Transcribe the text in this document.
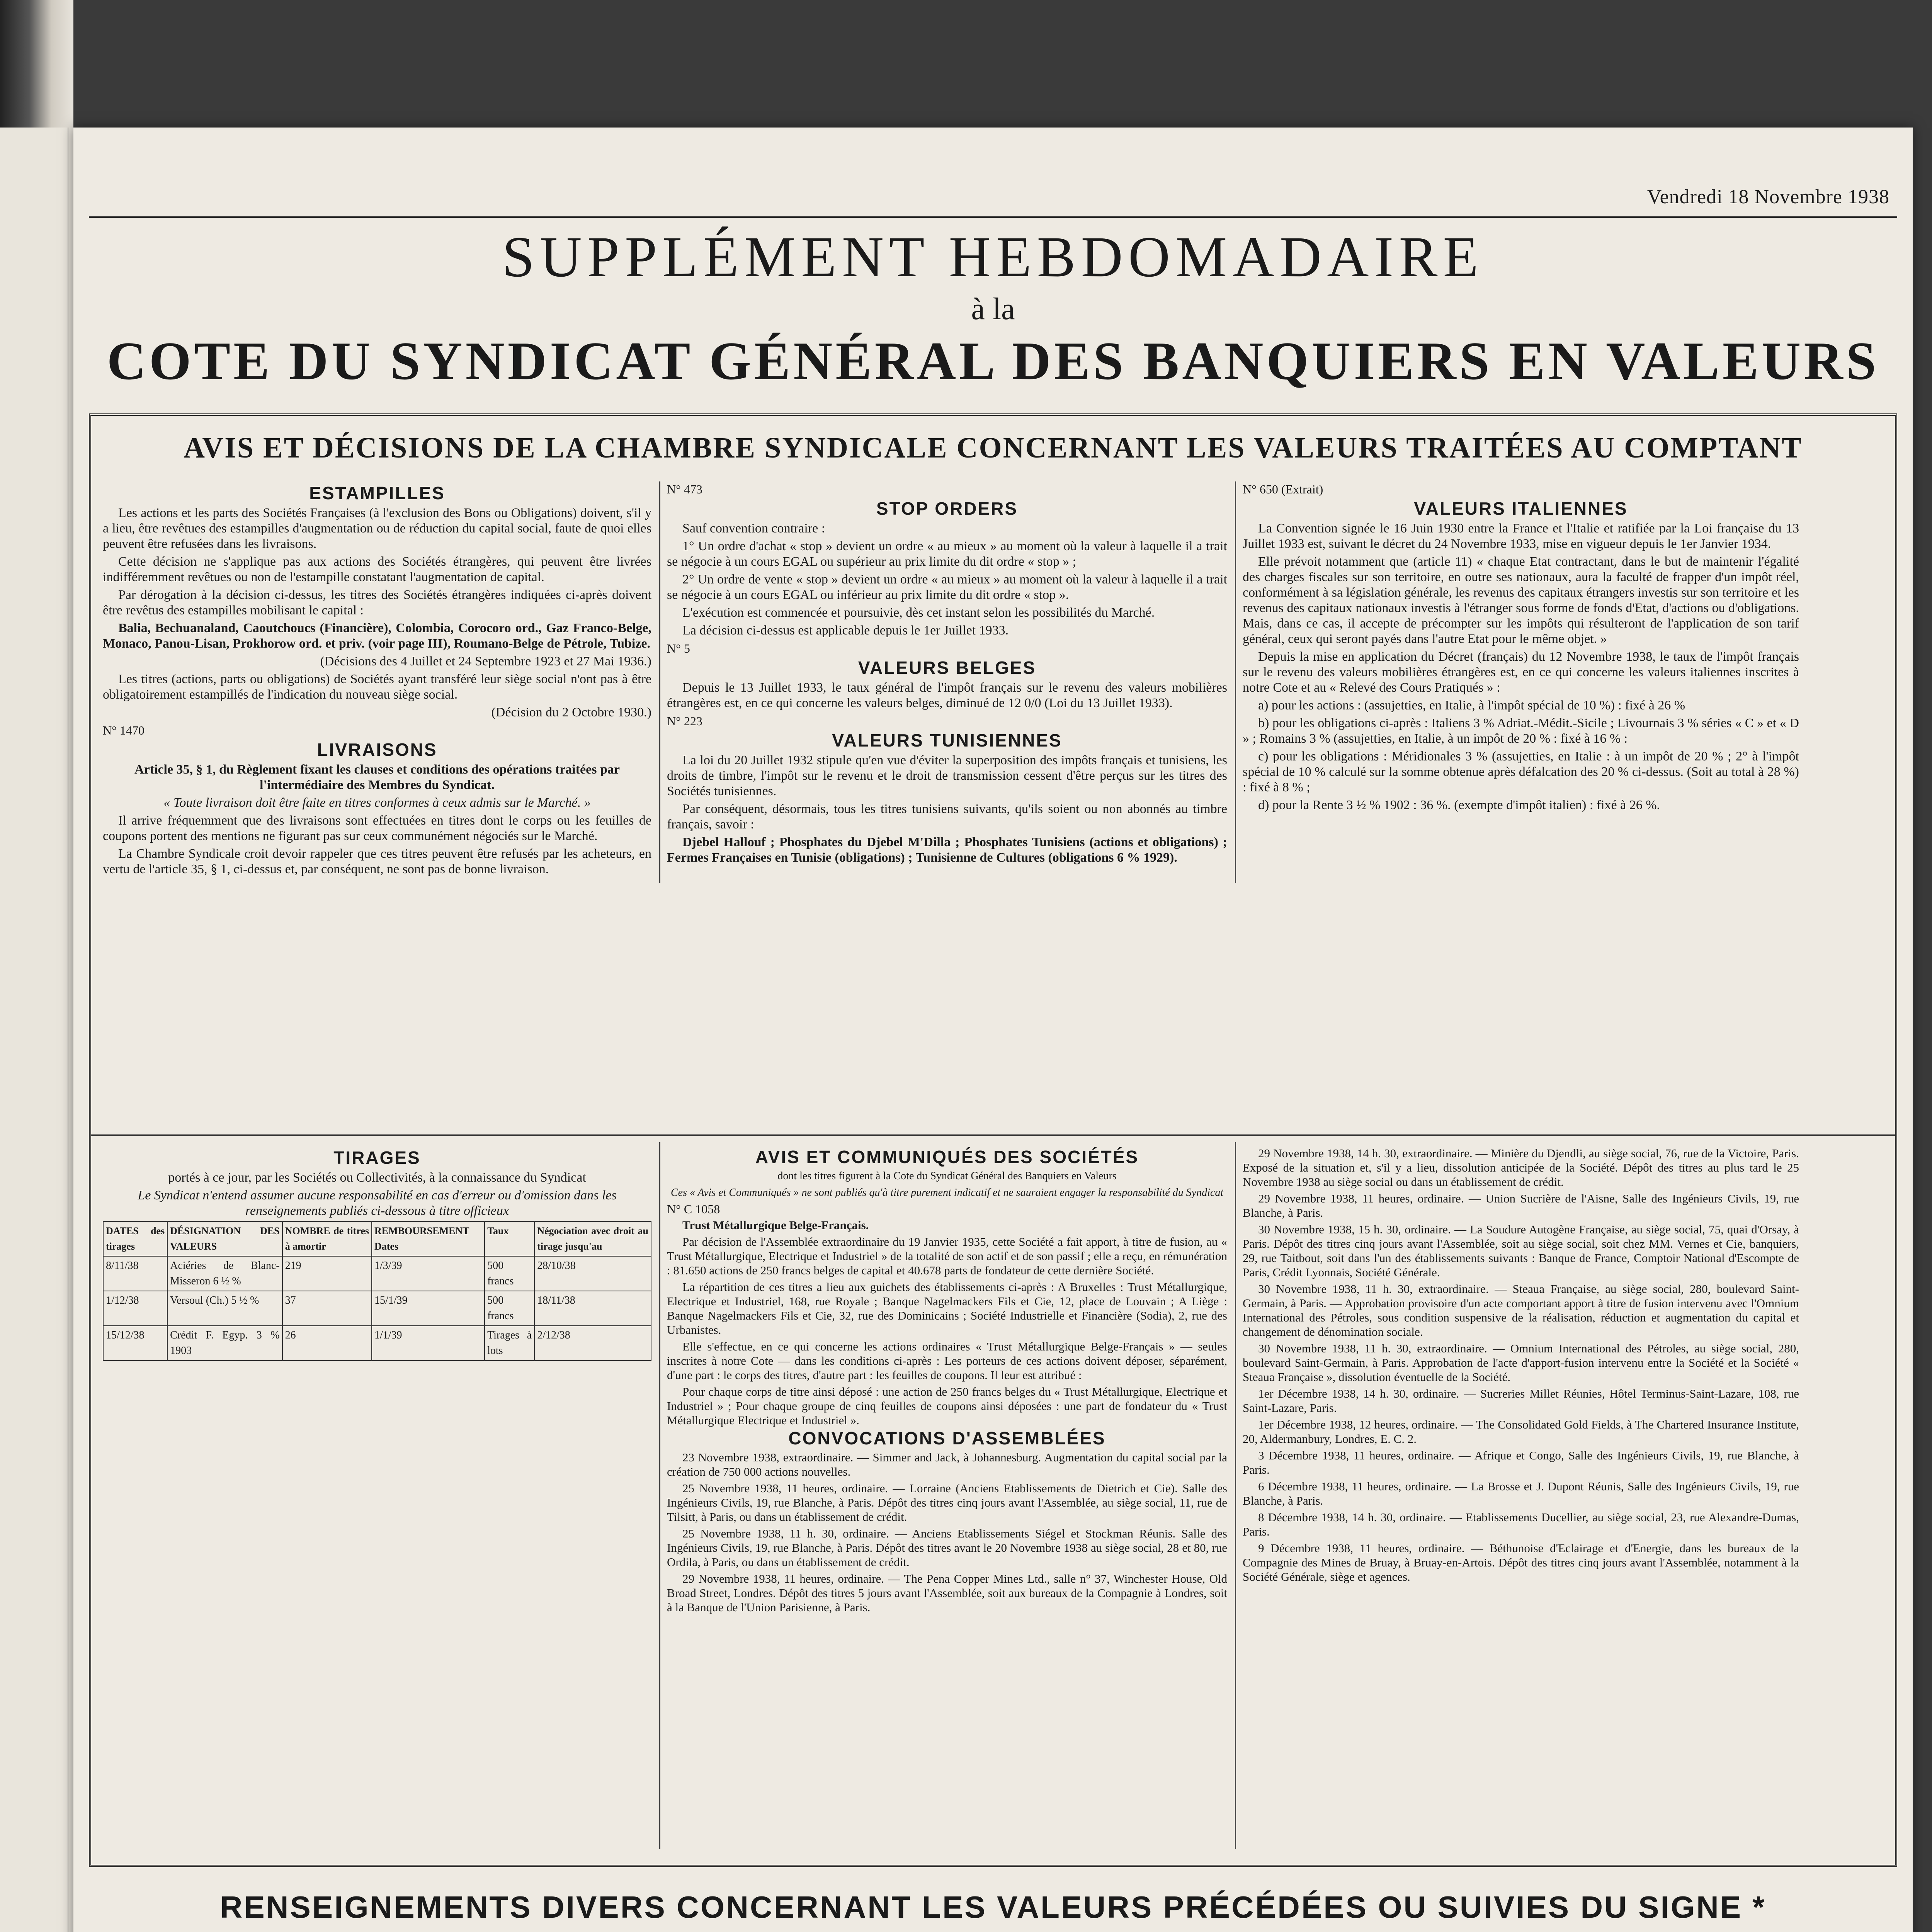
Vendredi 18 Novembre 1938
SUPPLÉMENT HEBDOMADAIRE
à la
COTE DU SYNDICAT GÉNÉRAL DES BANQUIERS EN VALEURS
AVIS ET DÉCISIONS DE LA CHAMBRE SYNDICALE CONCERNANT LES VALEURS TRAITÉES AU COMPTANT
ESTAMPILLES

Les actions et les parts des Sociétés Françaises (à l'exclusion des Bons ou Obligations) doivent, s'il y a lieu, être revêtues des estampilles d'augmentation ou de réduction du capital social, faute de quoi elles peuvent être refusées dans les livraisons.

Cette décision ne s'applique pas aux actions des Sociétés étrangères, qui peuvent être livrées indifféremment revêtues ou non de l'estampille constatant l'augmentation de capital.

Par dérogation à la décision ci-dessus, les titres des Sociétés étrangères indiquées ci-après doivent être revêtus des estampilles mobilisant le capital :

Balia, Bechuanaland, Caoutchoucs (Financière), Colombia, Corocoro ord., Gaz Franco-Belge, Monaco, Panou-Lisan, Prokhorow ord. et priv. (voir page III), Roumano-Belge de Pétrole, Tubize.

(Décisions des 4 Juillet et 24 Septembre 1923 et 27 Mai 1936.)

Les titres (actions, parts ou obligations) de Sociétés ayant transféré leur siège social n'ont pas à être obligatoirement estampillés de l'indication du nouveau siège social.

(Décision du 2 Octobre 1930.)

N° 1470
LIVRAISONS

Article 35, § 1, du Règlement fixant les clauses et conditions des opérations traitées par l'intermédiaire des Membres du Syndicat.

« Toute livraison doit être faite en titres conformes à ceux admis sur le Marché. »

Il arrive fréquemment que des livraisons sont effectuées en titres dont le corps ou les feuilles de coupons portent des mentions ne figurant pas sur ceux communément négociés sur le Marché.

La Chambre Syndicale croit devoir rappeler que ces titres peuvent être refusés par les acheteurs, en vertu de l'article 35, § 1, ci-dessus et, par conséquent, ne sont pas de bonne livraison.

N° 473
STOP ORDERS

Sauf convention contraire :

1° Un ordre d'achat « stop » devient un ordre « au mieux » au moment où la valeur à laquelle il a trait se négocie à un cours EGAL ou supérieur au prix limite du dit ordre « stop » ;

2° Un ordre de vente « stop » devient un ordre « au mieux » au moment où la valeur à laquelle il a trait se négocie à un cours EGAL ou inférieur au prix limite du dit ordre « stop ».

L'exécution est commencée et poursuivie, dès cet instant selon les possibilités du Marché.

La décision ci-dessus est applicable depuis le 1er Juillet 1933.

N° 5
VALEURS BELGES

Depuis le 13 Juillet 1933, le taux général de l'impôt français sur le revenu des valeurs mobilières étrangères est, en ce qui concerne les valeurs belges, diminué de 12 0/0 (Loi du 13 Juillet 1933).

N° 223
VALEURS TUNISIENNES

La loi du 20 Juillet 1932 stipule qu'en vue d'éviter la superposition des impôts français et tunisiens, les droits de timbre, l'impôt sur le revenu et le droit de transmission cessent d'être perçus sur les titres des Sociétés tunisiennes.

Par conséquent, désormais, tous les titres tunisiens suivants, qu'ils soient ou non abonnés au timbre français, savoir :

Djebel Hallouf ; Phosphates du Djebel M'Dilla ; Phosphates Tunisiens (actions et obligations) ; Fermes Françaises en Tunisie (obligations) ; Tunisienne de Cultures (obligations 6 % 1929).

N° 650 (Extrait)
VALEURS ITALIENNES

La Convention signée le 16 Juin 1930 entre la France et l'Italie et ratifiée par la Loi française du 13 Juillet 1933 est, suivant le décret du 24 Novembre 1933, mise en vigueur depuis le 1er Janvier 1934.

Elle prévoit notamment que (article 11) « chaque Etat contractant, dans le but de maintenir l'égalité des charges fiscales sur son territoire, en outre ses nationaux, aura la faculté de frapper d'un impôt réel, conformément à sa législation générale, les revenus des capitaux étrangers investis sur son territoire et les revenus des capitaux nationaux investis à l'étranger sous forme de fonds d'Etat, d'actions ou d'obligations. Mais, dans ce cas, il accepte de précompter sur les impôts qui résulteront de l'application de son tarif général, ceux qui seront payés dans l'autre Etat pour le même objet. »

Depuis la mise en application du Décret (français) du 12 Novembre 1938, le taux de l'impôt français sur le revenu des valeurs mobilières étrangères est, en ce qui concerne les valeurs italiennes inscrites à notre Cote et au « Relevé des Cours Pratiqués » :

a) pour les actions : (assujetties, en Italie, à l'impôt spécial de 10 %) : fixé à 26 %

b) pour les obligations ci-après : Italiens 3 % Adriat.-Médit.-Sicile ; Livournais 3 % séries « C » et « D » ; Romains 3 % (assujetties, en Italie, à un impôt de 20 % : fixé à 16 % :

c) pour les obligations : Méridionales 3 % (assujetties, en Italie : à un impôt de 20 % ; 2° à l'impôt spécial de 10 % calculé sur la somme obtenue après défalcation des 20 % ci-dessus. (Soit au total à 28 %) : fixé à 8 % ;

d) pour la Rente 3 ½ % 1902 : 36 %. (exempte d'impôt italien) : fixé à 26 %.

TIRAGES

portés à ce jour, par les Sociétés ou Collectivités, à la connaissance du Syndicat

Le Syndicat n'entend assumer aucune responsabilité en cas d'erreur ou d'omission dans les renseignements publiés ci-dessous à titre officieux

DATES des tirages	DÉSIGNATION DES VALEURS	NOMBRE de titres à amortir	REMBOURSEMENT Dates	Taux	Négociation avec droit au tirage jusqu'au
8/11/38	Aciéries de Blanc-Misseron 6 ½ %	219	1/3/39	500 francs	28/10/38
1/12/38	Versoul (Ch.) 5 ½ %	37	15/1/39	500 francs	18/11/38
15/12/38	Crédit F. Egyp. 3 % 1903	26	1/1/39	Tirages à lots	2/12/38
AVIS ET COMMUNIQUÉS DES SOCIÉTÉS

dont les titres figurent à la Cote du Syndicat Général des Banquiers en Valeurs

Ces « Avis et Communiqués » ne sont publiés qu'à titre purement indicatif et ne sauraient engager la responsabilité du Syndicat

N° C 1058

Trust Métallurgique Belge-Français.

Par décision de l'Assemblée extraordinaire du 19 Janvier 1935, cette Société a fait apport, à titre de fusion, au « Trust Métallurgique, Electrique et Industriel » de la totalité de son actif et de son passif ; elle a reçu, en rémunération : 81.650 actions de 250 francs belges de capital et 40.678 parts de fondateur de cette dernière Société.

La répartition de ces titres a lieu aux guichets des établissements ci-après : A Bruxelles : Trust Métallurgique, Electrique et Industriel, 168, rue Royale ; Banque Nagelmackers Fils et Cie, 12, place de Louvain ; A Liège : Banque Nagelmackers Fils et Cie, 32, rue des Dominicains ; Société Industrielle et Financière (Sodia), 2, rue des Urbanistes.

Elle s'effectue, en ce qui concerne les actions ordinaires « Trust Métallurgique Belge-Français » — seules inscrites à notre Cote — dans les conditions ci-après : Les porteurs de ces actions doivent déposer, séparément, d'une part : le corps des titres, d'autre part : les feuilles de coupons. Il leur est attribué :

Pour chaque corps de titre ainsi déposé : une action de 250 francs belges du « Trust Métallurgique, Electrique et Industriel » ; Pour chaque groupe de cinq feuilles de coupons ainsi déposées : une part de fondateur du « Trust Métallurgique Electrique et Industriel ».

CONVOCATIONS D'ASSEMBLÉES

23 Novembre 1938, extraordinaire. — Simmer and Jack, à Johannesburg. Augmentation du capital social par la création de 750 000 actions nouvelles.

25 Novembre 1938, 11 heures, ordinaire. — Lorraine (Anciens Etablissements de Dietrich et Cie). Salle des Ingénieurs Civils, 19, rue Blanche, à Paris. Dépôt des titres cinq jours avant l'Assemblée, au siège social, 11, rue de Tilsitt, à Paris, ou dans un établissement de crédit.

25 Novembre 1938, 11 h. 30, ordinaire. — Anciens Etablissements Siégel et Stockman Réunis. Salle des Ingénieurs Civils, 19, rue Blanche, à Paris. Dépôt des titres avant le 20 Novembre 1938 au siège social, 28 et 80, rue Ordila, à Paris, ou dans un établissement de crédit.

29 Novembre 1938, 11 heures, ordinaire. — The Pena Copper Mines Ltd., salle n° 37, Winchester House, Old Broad Street, Londres. Dépôt des titres 5 jours avant l'Assemblée, soit aux bureaux de la Compagnie à Londres, soit à la Banque de l'Union Parisienne, à Paris.

29 Novembre 1938, 14 h. 30, extraordinaire. — Minière du Djendli, au siège social, 76, rue de la Victoire, Paris. Exposé de la situation et, s'il y a lieu, dissolution anticipée de la Société. Dépôt des titres au plus tard le 25 Novembre 1938 au siège social ou dans un établissement de crédit.

29 Novembre 1938, 11 heures, ordinaire. — Union Sucrière de l'Aisne, Salle des Ingénieurs Civils, 19, rue Blanche, à Paris.

30 Novembre 1938, 15 h. 30, ordinaire. — La Soudure Autogène Française, au siège social, 75, quai d'Orsay, à Paris. Dépôt des titres cinq jours avant l'Assemblée, soit au siège social, soit chez MM. Vernes et Cie, banquiers, 29, rue Taitbout, soit dans l'un des établissements suivants : Banque de France, Comptoir National d'Escompte de Paris, Crédit Lyonnais, Société Générale.

30 Novembre 1938, 11 h. 30, extraordinaire. — Steaua Française, au siège social, 280, boulevard Saint-Germain, à Paris. — Approbation provisoire d'un acte comportant apport à titre de fusion intervenu avec l'Omnium International des Pétroles, sous condition suspensive de la réalisation, réduction et augmentation du capital et changement de dénomination sociale.

30 Novembre 1938, 11 h. 30, extraordinaire. — Omnium International des Pétroles, au siège social, 280, boulevard Saint-Germain, à Paris. Approbation de l'acte d'apport-fusion intervenu entre la Société et la Société « Steaua Française », dissolution éventuelle de la Société.

1er Décembre 1938, 14 h. 30, ordinaire. — Sucreries Millet Réunies, Hôtel Terminus-Saint-Lazare, 108, rue Saint-Lazare, Paris.

1er Décembre 1938, 12 heures, ordinaire. — The Consolidated Gold Fields, à The Chartered Insurance Institute, 20, Aldermanbury, Londres, E. C. 2.

3 Décembre 1938, 11 heures, ordinaire. — Afrique et Congo, Salle des Ingénieurs Civils, 19, rue Blanche, à Paris.

6 Décembre 1938, 11 heures, ordinaire. — La Brosse et J. Dupont Réunis, Salle des Ingénieurs Civils, 19, rue Blanche, à Paris.

8 Décembre 1938, 14 h. 30, ordinaire. — Etablissements Ducellier, au siège social, 23, rue Alexandre-Dumas, Paris.

9 Décembre 1938, 11 heures, ordinaire. — Béthunoise d'Eclairage et d'Energie, dans les bureaux de la Compagnie des Mines de Bruay, à Bruay-en-Artois. Dépôt des titres cinq jours avant l'Assemblée, notamment à la Société Générale, siège et agences.

RENSEIGNEMENTS DIVERS CONCERNANT LES VALEURS PRÉCÉDÉES OU SUIVIES DU SIGNE *
